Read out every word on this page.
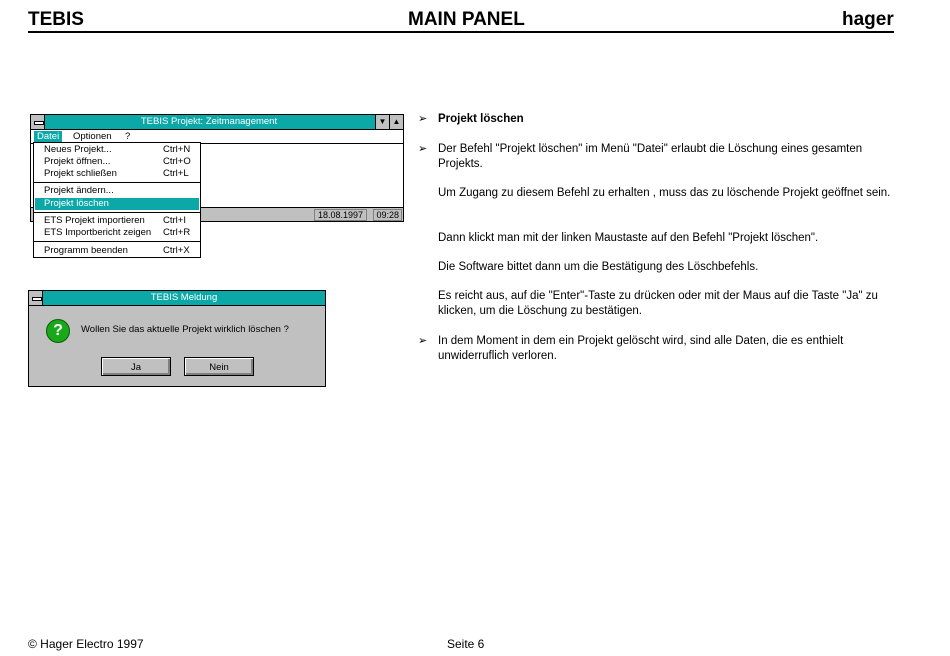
TEBIS	MAIN PANEL	hager
TEBIS Projekt: Zeitmanagement	▼ ▲
Datei	Optionen ?
18.08.1997	09:28
Neues Projekt...	Ctrl+N
Projekt öffnen...	Ctrl+O
Projekt schließen	Ctrl+L
Projekt ändern...
Projekt löschen
ETS Projekt importieren Ctrl+I
ETS Importbericht zeigen Ctrl+R
Programm beenden	Ctrl+X
TEBIS Meldung
?	Wollen Sie das aktuelle Projekt wirklich löschen ?
Ja	Nein
➢ Projekt löschen
➢ Der Befehl "Projekt löschen" im Menü "Datei" erlaubt die Löschung eines gesamten Projekts.
Um Zugang zu diesem Befehl zu erhalten , muss das zu löschende Projekt geöffnet sein.
Dann klickt man mit der linken Maustaste auf den Befehl "Projekt löschen".
Die Software bittet dann um die Bestätigung des Löschbefehls.
Es reicht aus, auf die "Enter"-Taste zu drücken oder mit der Maus auf die Taste "Ja" zu klicken, um die Löschung zu bestätigen.
➢ In dem Moment in dem ein Projekt gelöscht wird, sind alle Daten, die es enthielt unwiderruflich verloren.
© Hager Electro 1997	Seite 6
